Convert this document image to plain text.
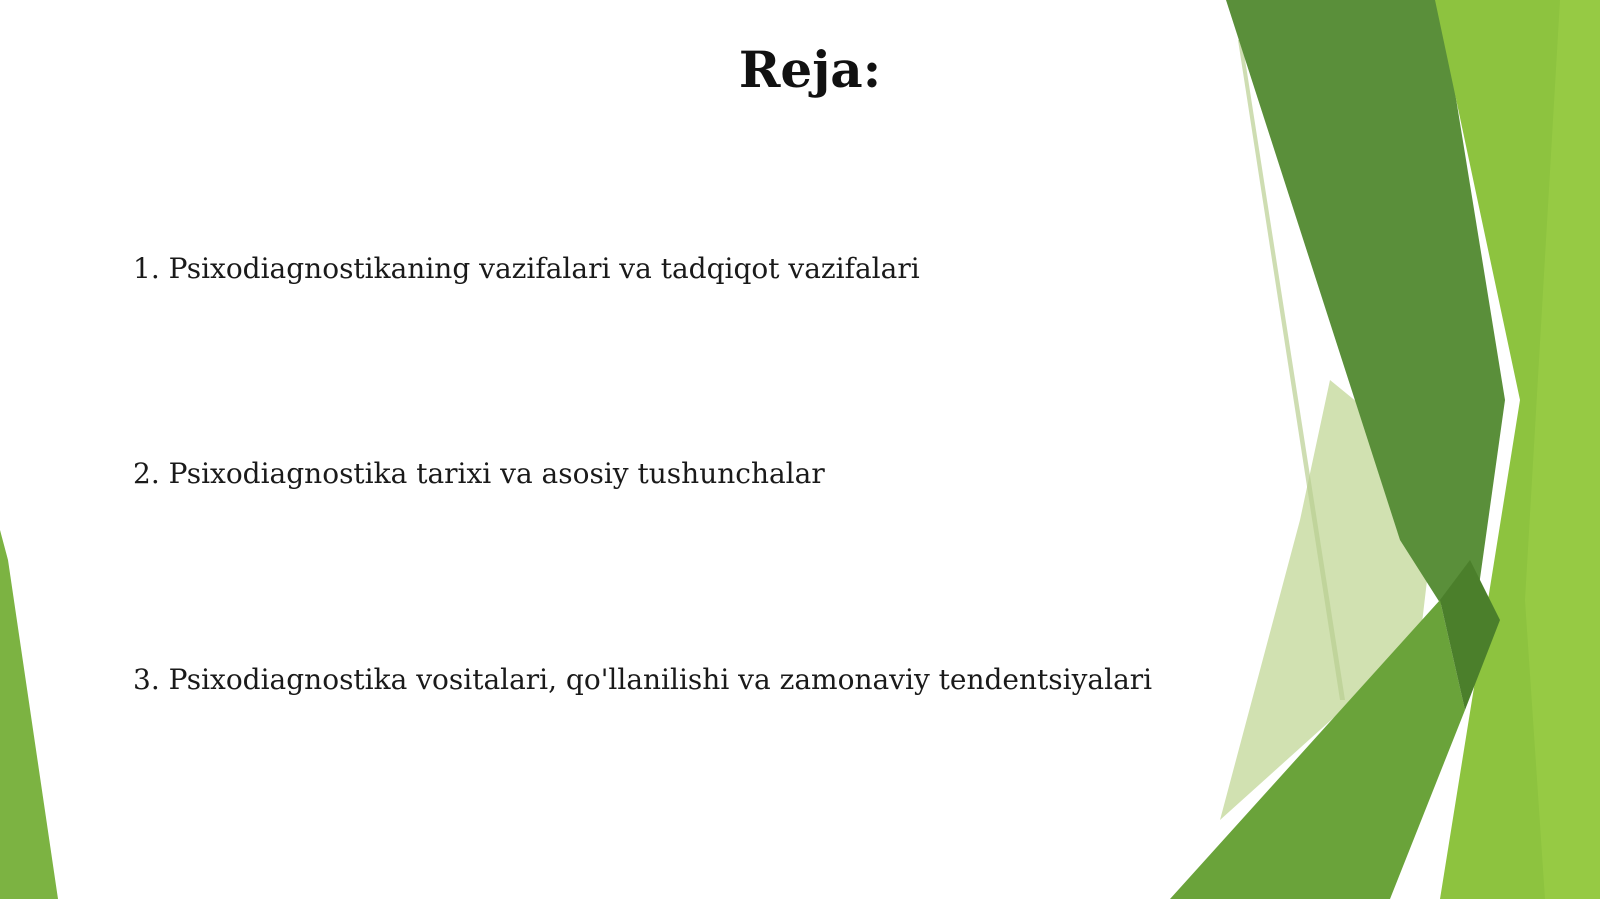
Reja:

1. Psixodiagnostikaning vazifalari va tadqiqot vazifalari

2. Psixodiagnostika tarixi va asosiy tushunchalar

3. Psixodiagnostika vositalari, qo'llanilishi va zamonaviy tendentsiyalari
